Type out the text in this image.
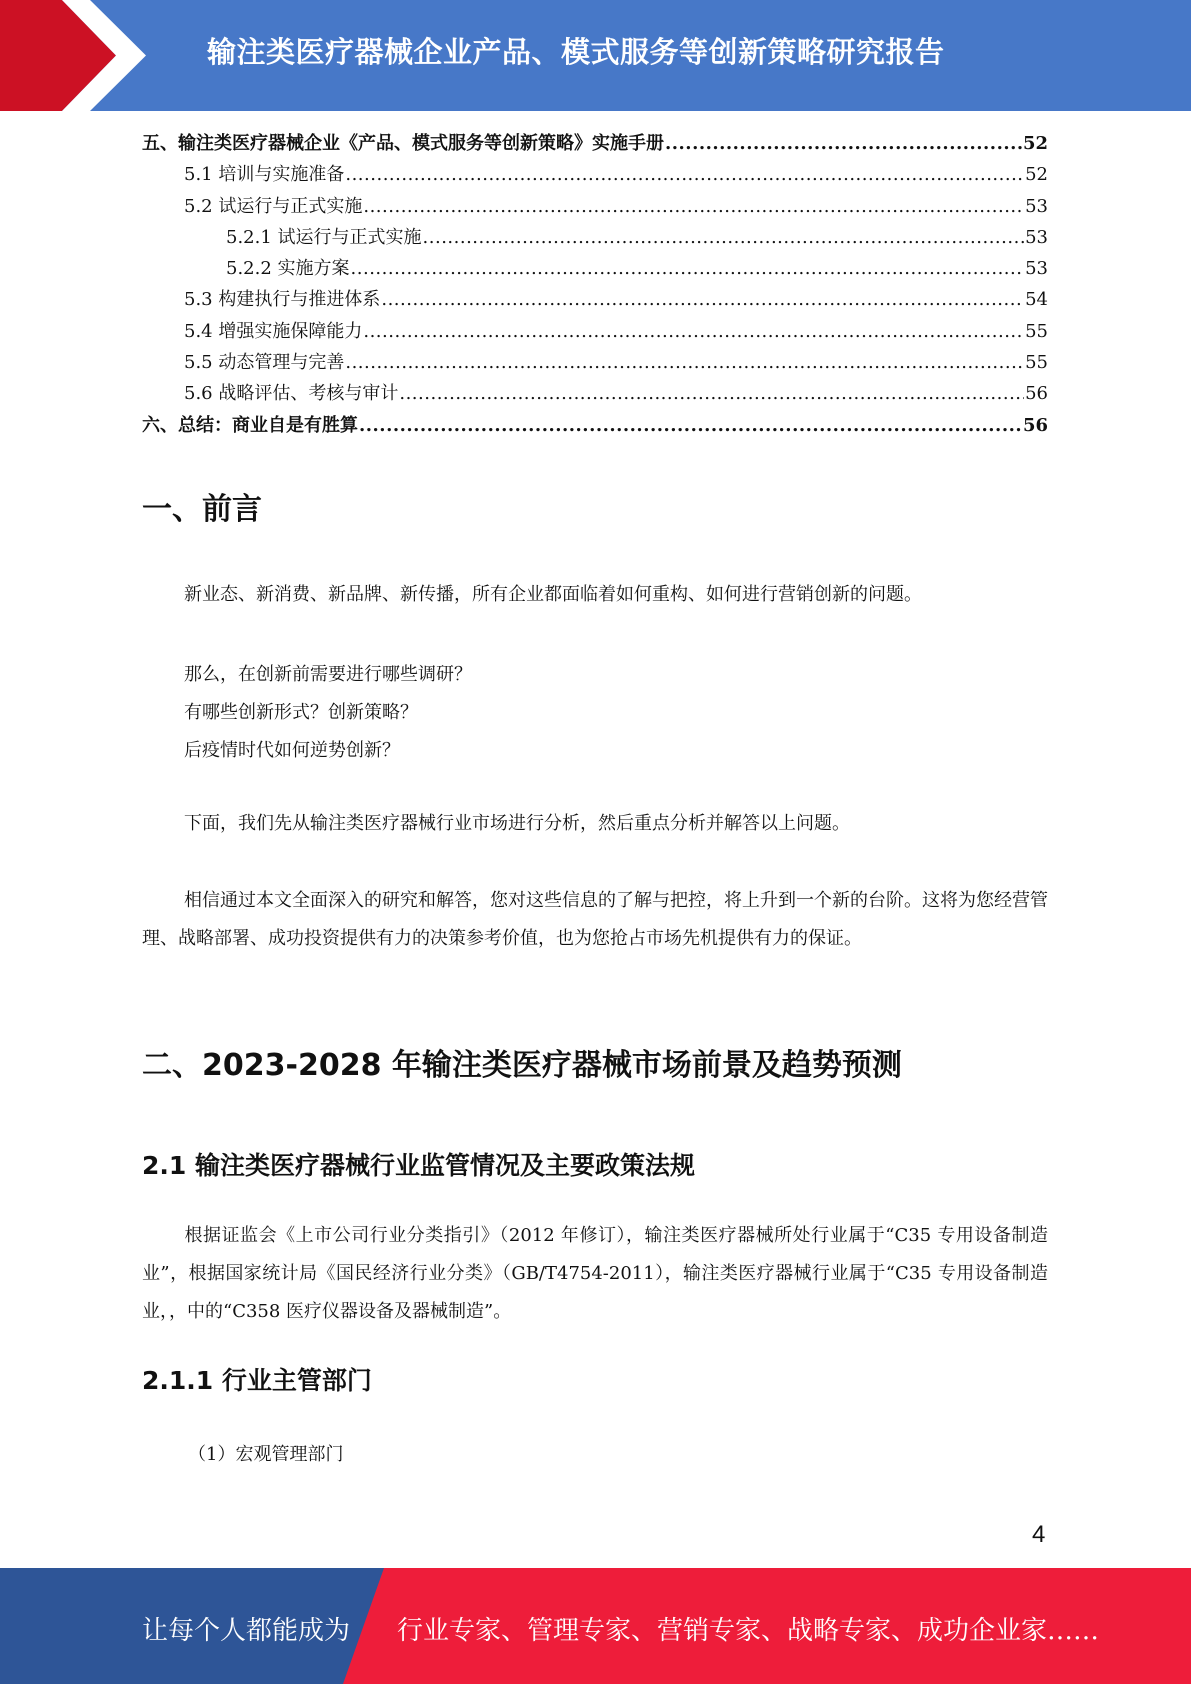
输注类医疗器械企业产品、模式服务等创新策略研究报告
五、输注类医疗器械企业《产品、模式服务等创新策略》实施手册 .....	52
5.1 培训与实施准备 .....	52
5.2 试运行与正式实施 .....	53
5.2.1 试运行与正式实施 .....	53
5.2.2 实施方案 .....	53
5.3 构建执行与推进体系 .....	54
5.4 增强实施保障能力 .....	55
5.5 动态管理与完善 .....	55
5.6 战略评估、考核与审计 .....	56
六、总结：商业自是有胜算 .....	56
一、前言
新业态、新消费、新品牌、新传播，所有企业都面临着如何重构、如何进行营销创新的问题。
那么，在创新前需要进行哪些调研？
有哪些创新形式？创新策略？
后疫情时代如何逆势创新？
下面，我们先从输注类医疗器械行业市场进行分析，然后重点分析并解答以上问题。
相信通过本文全面深入的研究和解答，您对这些信息的了解与把控，将上升到一个新的台阶。这将为您经营管理、战略部署、成功投资提供有力的决策参考价值，也为您抢占市场先机提供有力的保证。
二、2023-2028 年输注类医疗器械市场前景及趋势预测
2.1 输注类医疗器械行业监管情况及主要政策法规
根据证监会《上市公司行业分类指引》（2012 年修订），输注类医疗器械所处行业属于“C35 专用设备制造业”，根据国家统计局《国民经济行业分类》（GB/T4754-2011），输注类医疗器械行业属于“C35 专用设备制造业，，中的“C358 医疗仪器设备及器械制造”。
2.1.1 行业主管部门
（1）宏观管理部门
4
让每个人都能成为 行业专家、管理专家、营销专家、战略专家、成功企业家……
